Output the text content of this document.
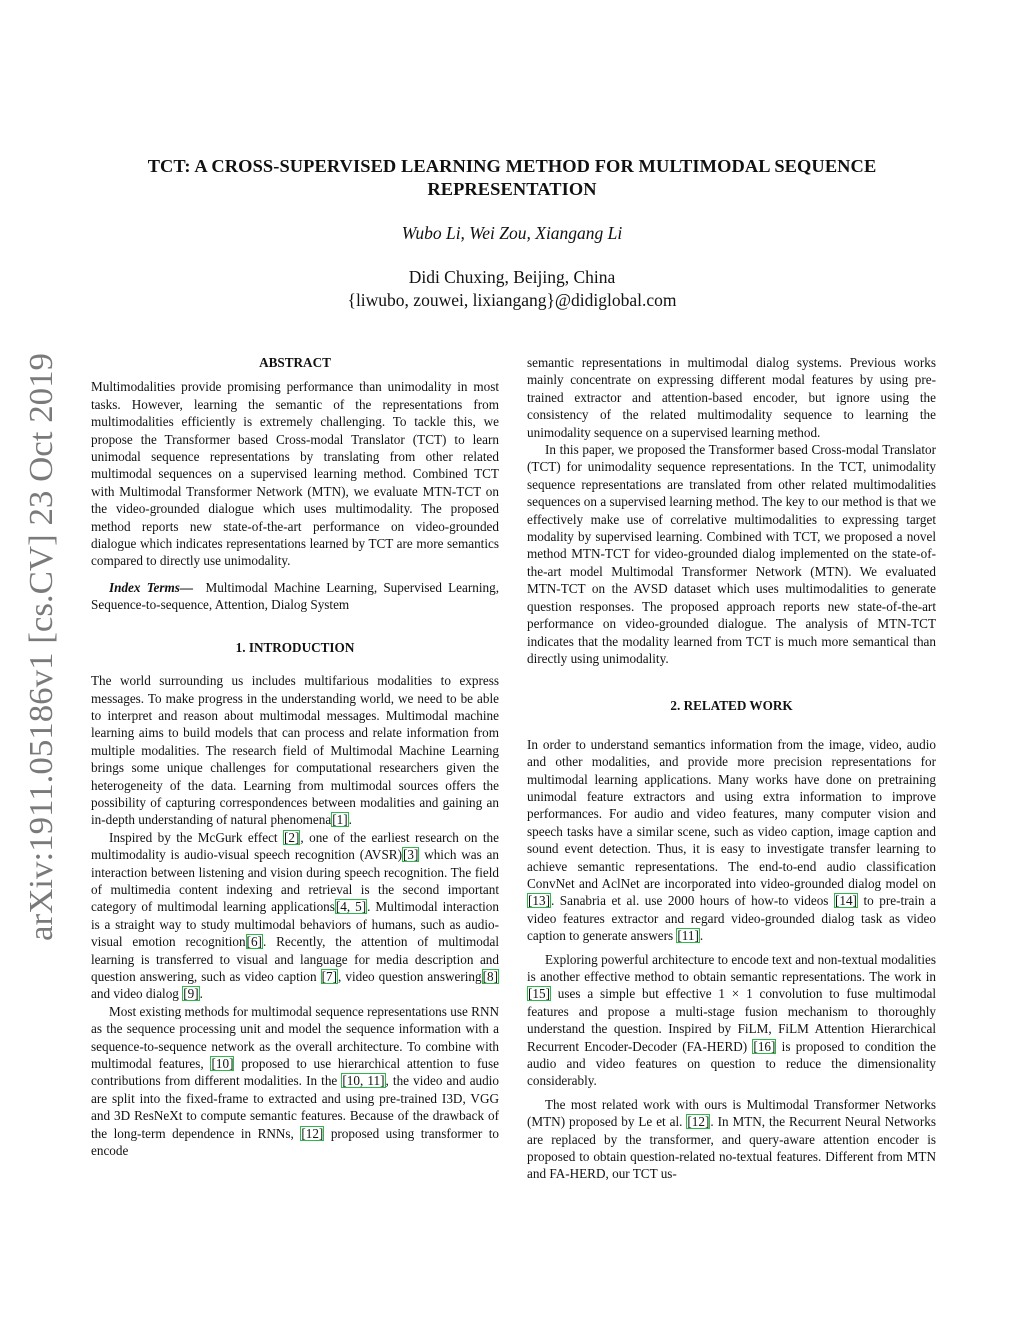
arXiv:1911.05186v1 [cs.CV] 23 Oct 2019
TCT: A CROSS-SUPERVISED LEARNING METHOD FOR MULTIMODAL SEQUENCE
REPRESENTATION
Wubo Li, Wei Zou, Xiangang Li
Didi Chuxing, Beijing, China
{liwubo, zouwei, lixiangang}@didiglobal.com
ABSTRACT

Multimodalities provide promising performance than unimodality in most tasks. However, learning the semantic of the representations from multimodalities efficiently is extremely challenging. To tackle this, we propose the Transformer based Cross-modal Translator (TCT) to learn unimodal sequence representations by translating from other related multimodal sequences on a supervised learning method. Combined TCT with Multimodal Transformer Network (MTN), we evaluate MTN-TCT on the video-grounded dialogue which uses multimodality. The proposed method reports new state-of-the-art performance on video-grounded dialogue which indicates representations learned by TCT are more semantics compared to directly use unimodality.

Index Terms— Multimodal Machine Learning, Supervised Learning, Sequence-to-sequence, Attention, Dialog System

1. INTRODUCTION

The world surrounding us includes multifarious modalities to express messages. To make progress in the understanding world, we need to be able to interpret and reason about multimodal messages. Multimodal machine learning aims to build models that can process and relate information from multiple modalities. The research field of Multimodal Machine Learning brings some unique challenges for computational researchers given the heterogeneity of the data. Learning from multimodal sources offers the possibility of capturing correspondences between modalities and gaining an in-depth understanding of natural phenomena[1].

Inspired by the McGurk effect [2], one of the earliest research on the multimodality is audio-visual speech recognition (AVSR)[3] which was an interaction between listening and vision during speech recognition. The field of multimedia content indexing and retrieval is the second important category of multimodal learning applications[4, 5]. Multimodal interaction is a straight way to study multimodal behaviors of humans, such as audio-visual emotion recognition[6]. Recently, the attention of multimodal learning is transferred to visual and language for media description and question answering, such as video caption [7], video question answering[8] and video dialog [9].

Most existing methods for multimodal sequence representations use RNN as the sequence processing unit and model the sequence information with a sequence-to-sequence network as the overall architecture. To combine with multimodal features, [10] proposed to use hierarchical attention to fuse contributions from different modalities. In the [10, 11], the video and audio are split into the fixed-frame to extracted and using pre-trained I3D, VGG and 3D ResNeXt to compute semantic features. Because of the drawback of the long-term dependence in RNNs, [12] proposed using transformer to encode

semantic representations in multimodal dialog systems. Previous works mainly concentrate on expressing different modal features by using pre-trained extractor and attention-based encoder, but ignore using the consistency of the related multimodality sequence to learning the unimodality sequence on a supervised learning method.

In this paper, we proposed the Transformer based Cross-modal Translator (TCT) for unimodality sequence representations. In the TCT, unimodality sequence representations are translated from other related multimodalities sequences on a supervised learning method. The key to our method is that we effectively make use of correlative multimodalities to expressing target modality by supervised learning. Combined with TCT, we proposed a novel method MTN-TCT for video-grounded dialog implemented on the state-of-the-art model Multimodal Transformer Network (MTN). We evaluated MTN-TCT on the AVSD dataset which uses multimodalities to generate question responses. The proposed approach reports new state-of-the-art performance on video-grounded dialogue. The analysis of MTN-TCT indicates that the modality learned from TCT is much more semantical than directly using unimodality.

2. RELATED WORK

In order to understand semantics information from the image, video, audio and other modalities, and provide more precision representations for multimodal learning applications. Many works have done on pretraining unimodal feature extractors and using extra information to improve performances. For audio and video features, many computer vision and speech tasks have a similar scene, such as video caption, image caption and sound event detection. Thus, it is easy to investigate transfer learning to achieve semantic representations. The end-to-end audio classification ConvNet and AclNet are incorporated into video-grounded dialog model on [13]. Sanabria et al. use 2000 hours of how-to videos [14] to pre-train a video features extractor and regard video-grounded dialog task as video caption to generate answers [11].

Exploring powerful architecture to encode text and non-textual modalities is another effective method to obtain semantic representations. The work in [15] uses a simple but effective 1 × 1 convolution to fuse multimodal features and propose a multi-stage fusion mechanism to thoroughly understand the question. Inspired by FiLM, FiLM Attention Hierarchical Recurrent Encoder-Decoder (FA-HERD) [16] is proposed to condition the audio and video features on question to reduce the dimensionality considerably.

The most related work with ours is Multimodal Transformer Networks (MTN) proposed by Le et al. [12]. In MTN, the Recurrent Neural Networks are replaced by the transformer, and query-aware attention encoder is proposed to obtain question-related no-textual features. Different from MTN and FA-HERD, our TCT us-
